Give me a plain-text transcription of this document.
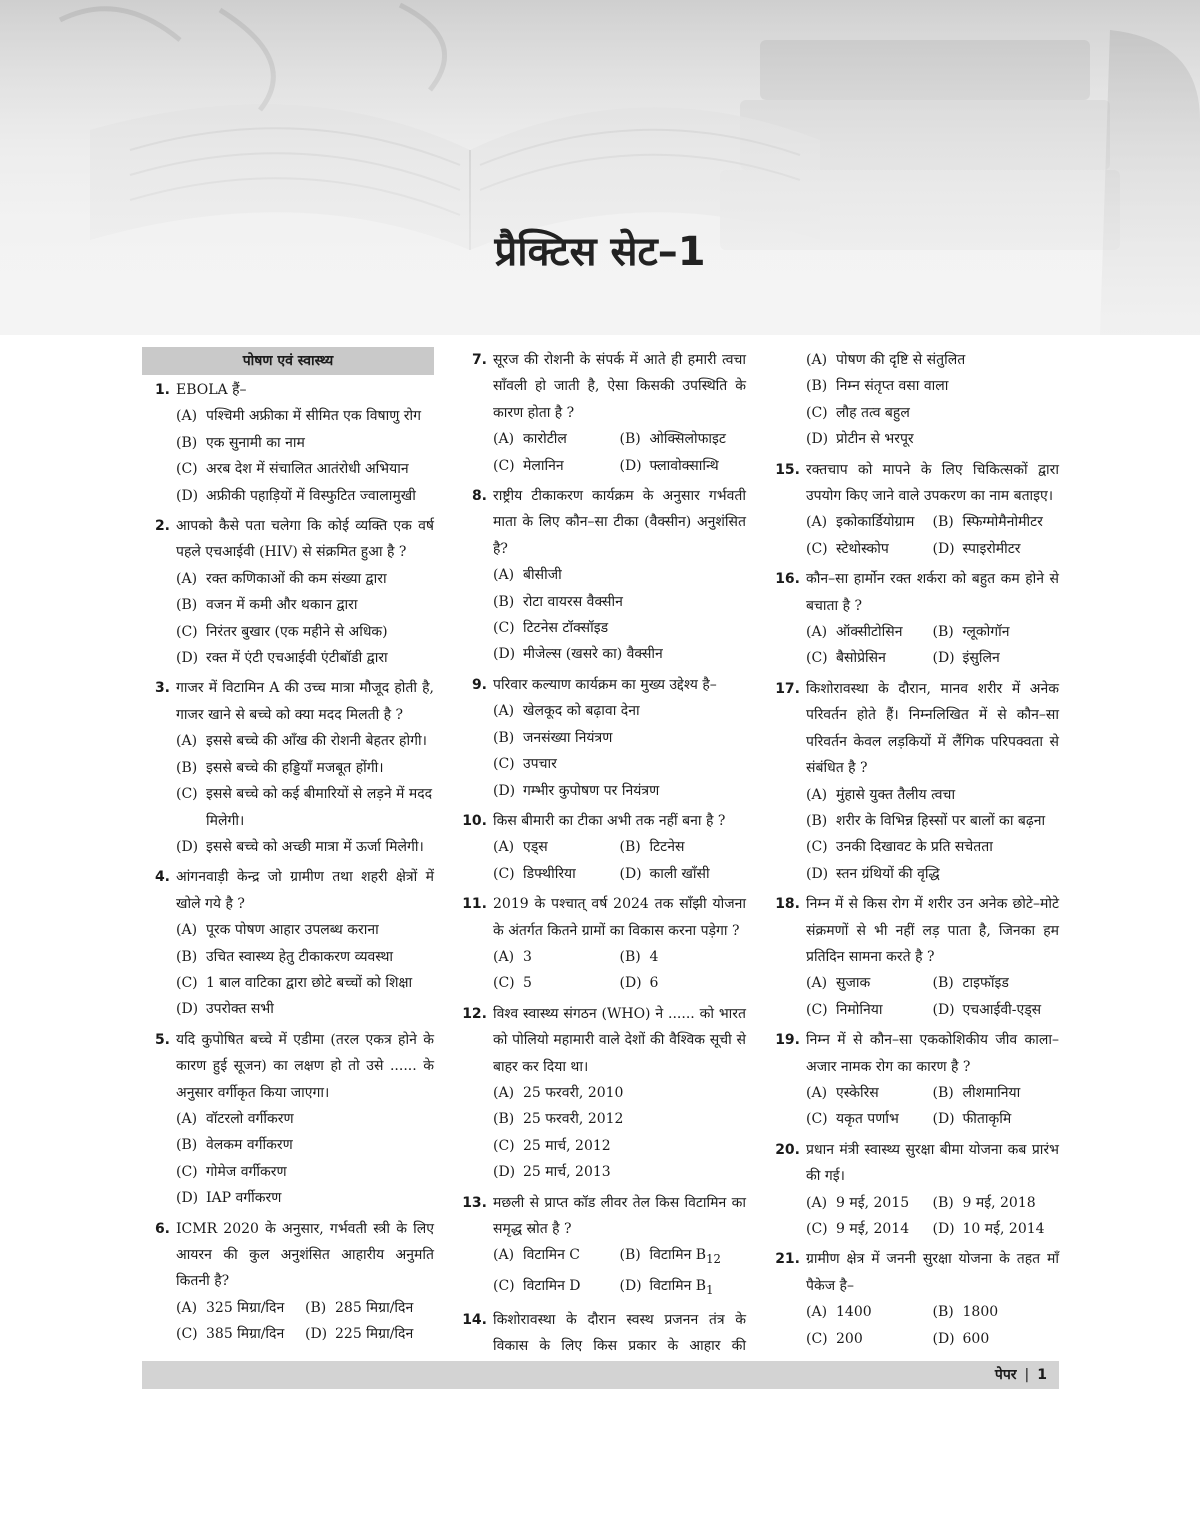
प्रैक्टिस सेट–1
पोषण एवं स्वास्थ्य
1. EBOLA हैं–
(A) पश्चिमी अफ्रीका में सीमित एक विषाणु रोग
(B) एक सुनामी का नाम
(C) अरब देश में संचालित आतंरोधी अभियान
(D) अफ्रीकी पहाड़ियों में विस्फुटित ज्वालामुखी
2. आपको कैसे पता चलेगा कि कोई व्यक्ति एक वर्ष पहले एचआईवी (HIV) से संक्रमित हुआ है ?
(A) रक्त कणिकाओं की कम संख्या द्वारा
(B) वजन में कमी और थकान द्वारा
(C) निरंतर बुखार (एक महीने से अधिक)
(D) रक्त में एंटी एचआईवी एंटीबॉडी द्वारा
3. गाजर में विटामिन A की उच्च मात्रा मौजूद होती है, गाजर खाने से बच्चे को क्या मदद मिलती है ?
(A) इससे बच्चे की आँख की रोशनी बेहतर होगी।
(B) इससे बच्चे की हड्डियाँ मजबूत होंगी।
(C) इससे बच्चे को कई बीमारियों से लड़ने में मदद मिलेगी।
(D) इससे बच्चे को अच्छी मात्रा में ऊर्जा मिलेगी।
4. आंगनवाड़ी केन्द्र जो ग्रामीण तथा शहरी क्षेत्रों में खोले गये है ?
(A) पूरक पोषण आहार उपलब्ध कराना
(B) उचित स्वास्थ्य हेतु टीकाकरण व्यवस्था
(C) 1 बाल वाटिका द्वारा छोटे बच्चों को शिक्षा
(D) उपरोक्त सभी
5. यदि कुपोषित बच्चे में एडीमा (तरल एकत्र होने के कारण हुई सूजन) का लक्षण हो तो उसे ...... के अनुसार वर्गीकृत किया जाएगा।
(A) वॉटरलो वर्गीकरण
(B) वेलकम वर्गीकरण
(C) गोमेज वर्गीकरण
(D) IAP वर्गीकरण
6. ICMR 2020 के अनुसार, गर्भवती स्त्री के लिए आयरन की कुल अनुशंसित आहारीय अनुमति कितनी है?
(A) 325 मिग्रा/दिन	(B) 285 मिग्रा/दिन
(C) 385 मिग्रा/दिन	(D) 225 मिग्रा/दिन
7. सूरज की रोशनी के संपर्क में आते ही हमारी त्वचा साँवली हो जाती है, ऐसा किसकी उपस्थिति के कारण होता है ?
(A) कारोटील	(B) ओक्सिलोफाइट
(C) मेलानिन	(D) फ्लावोक्सान्थि
8. राष्ट्रीय टीकाकरण कार्यक्रम के अनुसार गर्भवती माता के लिए कौन–सा टीका (वैक्सीन) अनुशंसित है?
(A) बीसीजी
(B) रोटा वायरस वैक्सीन
(C) टिटनेस टॉक्सॉइड
(D) मीजेल्स (खसरे का) वैक्सीन
9. परिवार कल्याण कार्यक्रम का मुख्य उद्देश्य है–
(A) खेलकूद को बढ़ावा देना
(B) जनसंख्या नियंत्रण
(C) उपचार
(D) गम्भीर कुपोषण पर नियंत्रण
10. किस बीमारी का टीका अभी तक नहीं बना है ?
(A) एड्स	(B) टिटनेस
(C) डिफ्थीरिया	(D) काली खाँसी
11. 2019 के पश्चात् वर्ष 2024 तक साँझी योजना के अंतर्गत कितने ग्रामों का विकास करना पड़ेगा ?
(A) 3	(B) 4
(C) 5	(D) 6
12. विश्व स्वास्थ्य संगठन (WHO) ने ...... को भारत को पोलियो महामारी वाले देशों की वैश्विक सूची से बाहर कर दिया था।
(A) 25 फरवरी, 2010
(B) 25 फरवरी, 2012
(C) 25 मार्च, 2012
(D) 25 मार्च, 2013
13. मछली से प्राप्त कॉड लीवर तेल किस विटामिन का समृद्ध स्रोत है ?
(A) विटामिन C	(B) विटामिन $B_{12}$
(C) विटामिन D	(D) विटामिन $B_1$
14. किशोरावस्था के दौरान स्वस्थ प्रजनन तंत्र के विकास के लिए किस प्रकार के आहार की
(A) पोषण की दृष्टि से संतुलित
(B) निम्न संतृप्त वसा वाला
(C) लौह तत्व बहुल
(D) प्रोटीन से भरपूर
15. रक्तचाप को मापने के लिए चिकित्सकों द्वारा उपयोग किए जाने वाले उपकरण का नाम बताइए।
(A) इकोकार्डियोग्राम	(B) स्फिग्मोमैनोमीटर
(C) स्टेथोस्कोप	(D) स्पाइरोमीटर
16. कौन–सा हार्मोन रक्त शर्करा को बहुत कम होने से बचाता है ?
(A) ऑक्सीटोसिन	(B) ग्लूकोगॉन
(C) बैसोप्रेसिन	(D) इंसुलिन
17. किशोरावस्था के दौरान, मानव शरीर में अनेक परिवर्तन होते हैं। निम्नलिखित में से कौन–सा परिवर्तन केवल लड़कियों में लैंगिक परिपक्वता से संबंधित है ?
(A) मुंहासे युक्त तैलीय त्वचा
(B) शरीर के विभिन्न हिस्सों पर बालों का बढ़ना
(C) उनकी दिखावट के प्रति सचेतता
(D) स्तन ग्रंथियों की वृद्धि
18. निम्न में से किस रोग में शरीर उन अनेक छोटे–मोटे संक्रमणों से भी नहीं लड़ पाता है, जिनका हम प्रतिदिन सामना करते है ?
(A) सुजाक	(B) टाइफॉइड
(C) निमोनिया	(D) एचआईवी-एड्स
19. निम्न में से कौन–सा एककोशिकीय जीव काला–अजार नामक रोग का कारण है ?
(A) एस्केरिस	(B) लीशमानिया
(C) यकृत पर्णाभ	(D) फीताकृमि
20. प्रधान मंत्री स्वास्थ्य सुरक्षा बीमा योजना कब प्रारंभ की गई।
(A) 9 मई, 2015	(B) 9 मई, 2018
(C) 9 मई, 2014	(D) 10 मई, 2014
21. ग्रामीण क्षेत्र में जननी सुरक्षा योजना के तहत माँ पैकेज है–
(A) 1400	(B) 1800
(C) 200	(D) 600
पेपर | 1
